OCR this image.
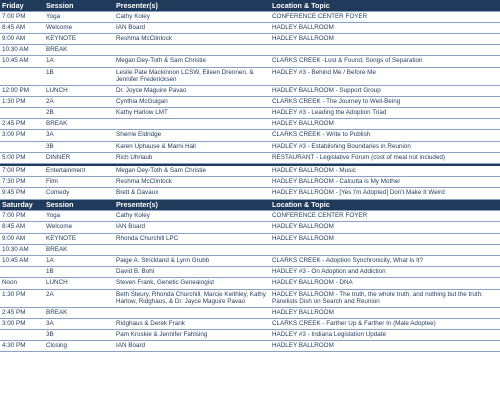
Friday	Session	Presenter(s)	Location & Topic
7:00 PM	Yoga	Cathy Koley	CONFERENCE CENTER FOYER
8:45 AM	Welcome	IAN Board	HADLEY BALLROOM
9:00 AM	KEYNOTE	Reshma McClintock	HADLEY BALLROOM
10:30 AM	BREAK		
10:45 AM	1A	Megan Dey-Toth & Sam Christie	CLARKS CREEK -Lost & Found, Songs of Separation
	1B	Leslie Pate Mackinnon LCSW, Eileen Drennen, & Jennifer Fredericksen	HADLEY #3 - Behind Me / Before Me
12:00 PM	LUNCH	Dr. Joyce Maguire Pavao	HADLEY BALLROOM - Support Group
1:30 PM	2A	Cynthia McGuigan	CLARKS CREEK - The Journey to Well-Being
	2B	Kathy Harlow LMT	HADLEY #3 - Leading the Adoption Triad
2:45 PM	BREAK		HADLEY BALLROOM
3:00 PM	3A	Sherrie Eldridge	CLARKS CREEK - Write to Publish
	3B	Karen Uphause & Marni Hall	HADLEY #3 - Establishing Boundaries in Reunion
5:00 PM	DINNER	Rich Uhrlaub	RESTAURANT - Legislative Forum (cost of meal not included)

7:00 PM	Entertainment	Megan Dey-Toth & Sam Christie	HADLEY BALLROOM - Music
7:30 PM	Film	Reshma McClintock	HADLEY BALLROOM - Calcutta is My Mother
9:45 PM	Comedy	Brett & Davaux	HADLEY BALLROOM - [Yes I'm Adopted] Don't Make It Weird
Saturday	Session	Presenter(s)	Location & Topic
7:00 PM	Yoga	Cathy Koley	CONFERENCE CENTER FOYER
8:45 AM	Welcome	IAN Board	HADLEY BALLROOM
9:00 AM	KEYNOTE	Rhonda Churchill LPC	HADLEY BALLROOM
10:30 AM	BREAK		
10:45 AM	1A	Paige A. Strickland & Lynn Grubb	CLARKS CREEK - Adoption Synchronicity, What Is It?
	1B	David B. Bohl	HADLEY #3 - On Adoption and Addiction
Noon	LUNCH	Steven Frank, Genetic Genealogist	HADLEY BALLROOM - DNA
1:30 PM	2A	Beth Steury, Rhonda Churchill, Marcie Keithley, Kathy Harlow, Ridghaus, & Dr. Jayce Maguire Pavao	HADLEY BALLROOM - The truth, the whole truth, and nothing but the truth: Panelists Dish on Search and Reunion
2:45 PM	BREAK		HADLEY BALLROOM
3:00 PM	3A	Ridghaus & Derek Frank	CLARKS CREEK - Farther Up & Farther In (Male Adoptee)
	3B	Pam Kroskie & Jennifer Fahlsing	HADLEY #3 - Indiana Legislation Update
4:30 PM	Closing	IAN Board	HADLEY BALLROOM
